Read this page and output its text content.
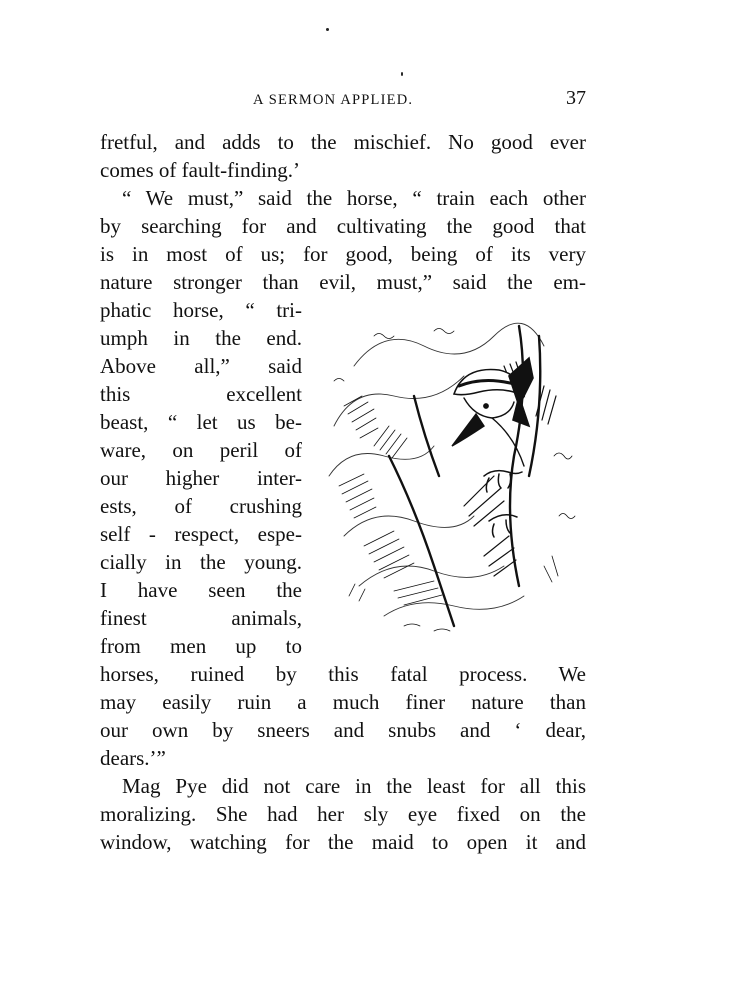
A SERMON APPLIED.	37
fretful, and adds to the mischief. No good ever
comes of fault-finding.’
“ We must,” said the horse, “ train each other
by searching for and cultivating the good that
is in most of us; for good, being of its very
nature stronger than evil, must,” said the em-
phatic horse, “ tri-
umph in the end.
Above all,” said
this excellent
beast, “ let us be-
ware, on peril of
our higher inter-
ests, of crushing
self - respect, espe-
cially in the young.
I have seen the
finest animals,
from men up to
horses, ruined by this fatal process. We
may easily ruin a much finer nature than
our own by sneers and snubs and ‘ dear,
dears.’”
Mag Pye did not care in the least for all this
moralizing. She had her sly eye fixed on the
window, watching for the maid to open it and
